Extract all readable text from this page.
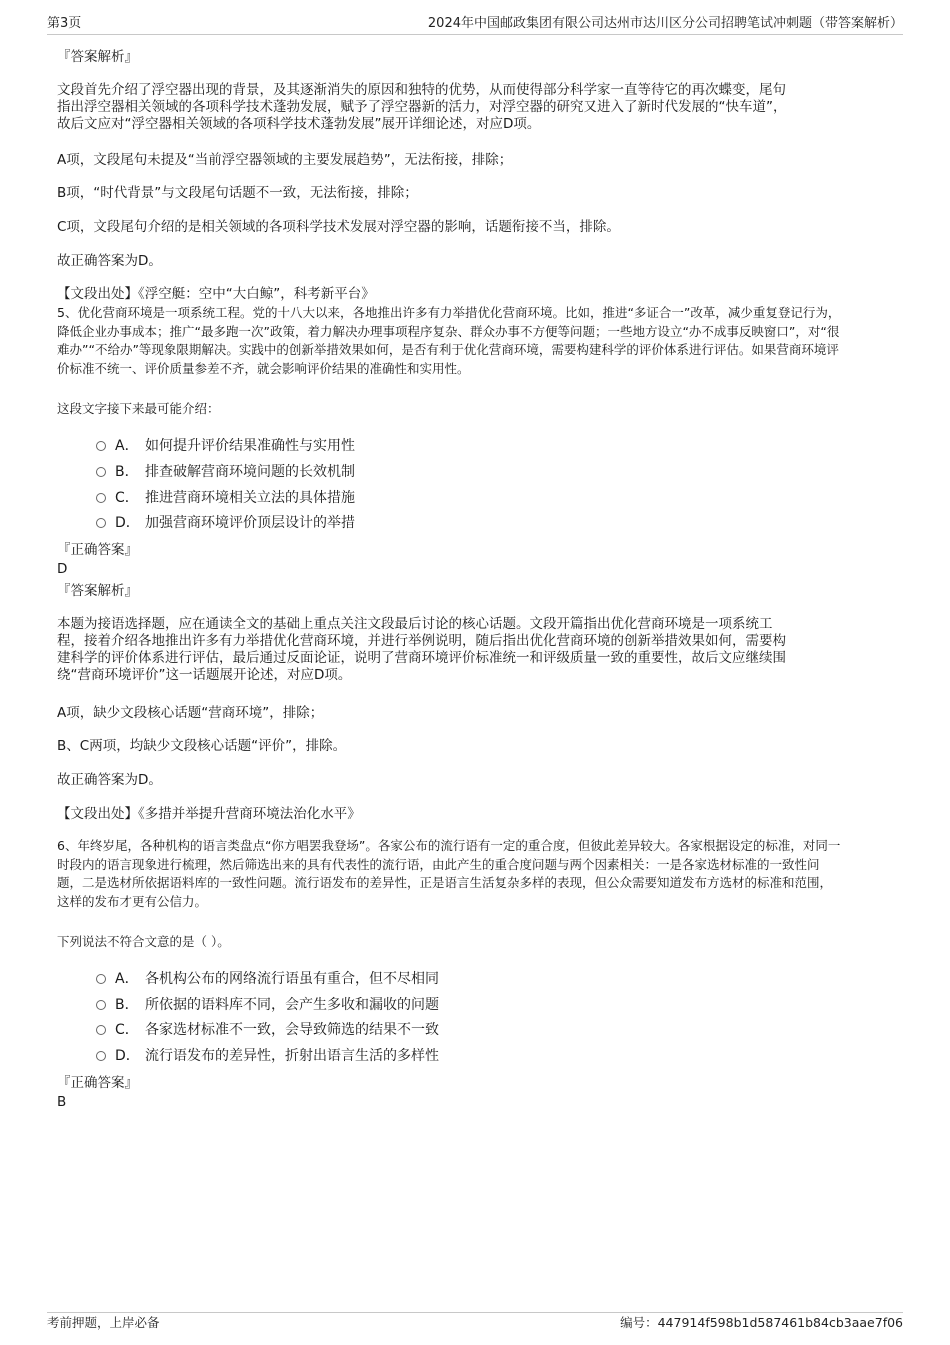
第3页	2024年中国邮政集团有限公司达州市达川区分公司招聘笔试冲刺题（带答案解析）

『答案解析』
文段首先介绍了浮空器出现的背景，及其逐渐消失的原因和独特的优势，从而使得部分科学家一直等待它的再次蝶变，尾句
指出浮空器相关领域的各项科学技术蓬勃发展，赋予了浮空器新的活力，对浮空器的研究又进入了新时代发展的“快车道”，
故后文应对“浮空器相关领域的各项科学技术蓬勃发展”展开详细论述，对应D项。
A项，文段尾句未提及“当前浮空器领域的主要发展趋势”，无法衔接，排除；
B项，“时代背景”与文段尾句话题不一致，无法衔接，排除；
C项，文段尾句介绍的是相关领域的各项科学技术发展对浮空器的影响，话题衔接不当，排除。
故正确答案为D。
【文段出处】《浮空艇：空中“大白鲸”，科考新平台》
5、优化营商环境是一项系统工程。党的十八大以来，各地推出许多有力举措优化营商环境。比如，推进“多证合一”改革，减少重复登记行为，
降低企业办事成本；推广“最多跑一次”政策，着力解决办理事项程序复杂、群众办事不方便等问题；一些地方设立“办不成事反映窗口”，对“很
难办”“不给办”等现象限期解决。实践中的创新举措效果如何，是否有利于优化营商环境，需要构建科学的评价体系进行评估。如果营商环境评
价标准不统一、评价质量参差不齐，就会影响评价结果的准确性和实用性。
这段文字接下来最可能介绍：
A． 如何提升评价结果准确性与实用性
B． 排查破解营商环境问题的长效机制
C． 推进营商环境相关立法的具体措施
D． 加强营商环境评价顶层设计的举措
『正确答案』
D
『答案解析』
本题为接语选择题，应在通读全文的基础上重点关注文段最后讨论的核心话题。文段开篇指出优化营商环境是一项系统工
程，接着介绍各地推出许多有力举措优化营商环境，并进行举例说明，随后指出优化营商环境的创新举措效果如何，需要构
建科学的评价体系进行评估，最后通过反面论证，说明了营商环境评价标准统一和评级质量一致的重要性，故后文应继续围
绕“营商环境评价”这一话题展开论述，对应D项。
A项，缺少文段核心话题“营商环境”，排除；
B、C两项，均缺少文段核心话题“评价”，排除。
故正确答案为D。
【文段出处】《多措并举提升营商环境法治化水平》
6、年终岁尾，各种机构的语言类盘点“你方唱罢我登场”。各家公布的流行语有一定的重合度，但彼此差异较大。各家根据设定的标准，对同一
时段内的语言现象进行梳理，然后筛选出来的具有代表性的流行语，由此产生的重合度问题与两个因素相关：一是各家选材标准的一致性问
题，二是选材所依据语料库的一致性问题。流行语发布的差异性，正是语言生活复杂多样的表现，但公众需要知道发布方选材的标准和范围，
这样的发布才更有公信力。
下列说法不符合文意的是（ ）。
A． 各机构公布的网络流行语虽有重合，但不尽相同
B． 所依据的语料库不同，会产生多收和漏收的问题
C． 各家选材标准不一致，会导致筛选的结果不一致
D． 流行语发布的差异性，折射出语言生活的多样性
『正确答案』
B
考前押题，上岸必备	编号：447914f598b1d587461b84cb3aae7f06
